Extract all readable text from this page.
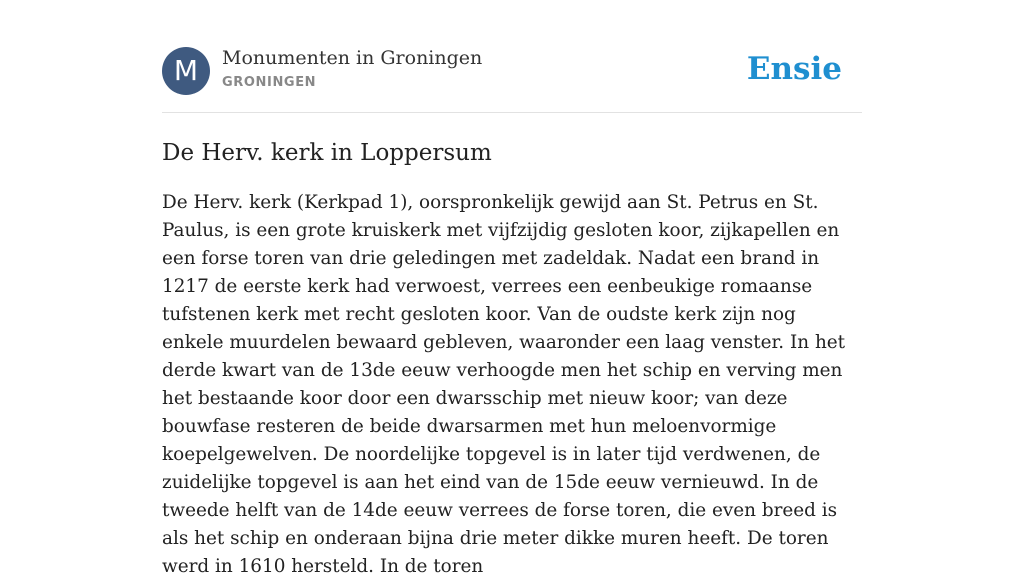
M Monumenten in Groningen
GRONINGEN	Ensie
De Herv. kerk in Loppersum

De Herv. kerk (Kerkpad 1), oorspronkelijk gewijd aan St. Petrus en St. Paulus, is een grote kruiskerk met vijfzijdig gesloten koor, zijkapellen en een forse toren van drie geledingen met zadeldak. Nadat een brand in 1217 de eerste kerk had verwoest, verrees een eenbeukige romaanse tufstenen kerk met recht gesloten koor. Van de oudste kerk zijn nog enkele muurdelen bewaard gebleven, waaronder een laag venster. In het derde kwart van de 13de eeuw verhoogde men het schip en verving men het bestaande koor door een dwarsschip met nieuw koor; van deze bouwfase resteren de beide dwarsarmen met hun meloenvormige koepelgewelven. De noordelijke topgevel is in later tijd verdwenen, de zuidelijke topgevel is aan het eind van de 15de eeuw vernieuwd. In de tweede helft van de 14de eeuw verrees de forse toren, die even breed is als het schip en onderaan bijna drie meter dikke muren heeft. De toren werd in 1610 hersteld. In de toren
